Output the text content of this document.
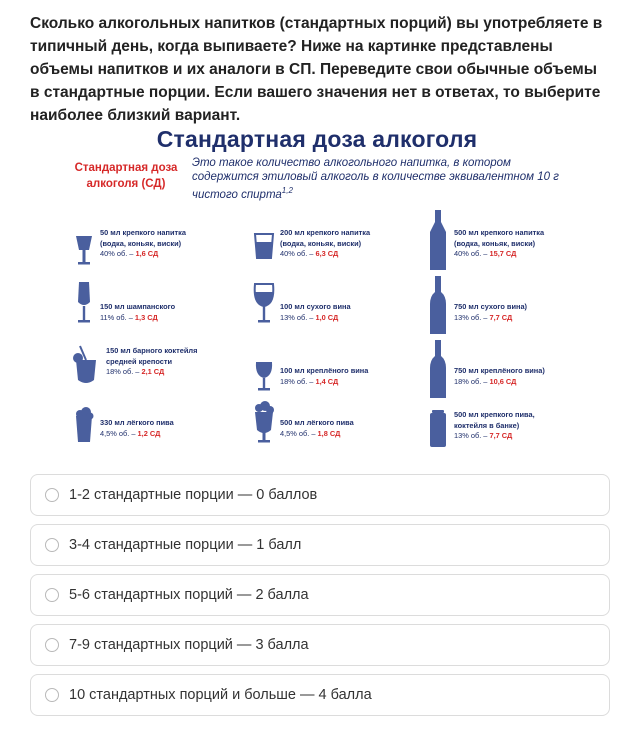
Сколько алкогольных напитков (стандартных порций) вы употребляете в типичный день, когда выпиваете? Ниже на картинке представлены объемы напитков и их аналоги в СП. Переведите свои обычные объемы в стандартные порции. Если вашего значения нет в ответах, то выберите наиболее близкий вариант.
Стандартная доза алкоголя
Стандартная доза алкоголя (СД)
Это такое количество алкогольного напитка, в котором содержится этиловый алкоголь в количестве эквивалентном 10 г чистого спирта$^{1,2}$
50 мл крепкого напитка
(водка, коньяк, виски)
40% об. – 1,6 СД
200 мл крепкого напитка
(водка, коньяк, виски)
40% об. – 6,3 СД
500 мл крепкого напитка
(водка, коньяк, виски)
40% об. – 15,7 СД
150 мл шампанского
11% об. – 1,3 СД
100 мл сухого вина
13% об. – 1,0 СД
750 мл сухого вина)
13% об. – 7,7 СД
150 мл барного коктейля
средней крепости
18% об. – 2,1 СД	100 мл креплёного вина
18% об. – 1,4 СД
750 мл креплёного вина)
18% об. – 10,6 СД
330 мл лёгкого пива
4,5% об. – 1,2 СД
500 мл лёгкого пива
4,5% об. – 1,8 СД
500 мл крепкого пива,
коктейля в банке)
13% об. – 7,7 СД
1-2 стандартные порции — 0 баллов
3-4 стандартные порции — 1 балл
5-6 стандартных порций — 2 балла
7-9 стандартных порций — 3 балла
10 стандартных порций и больше — 4 балла
